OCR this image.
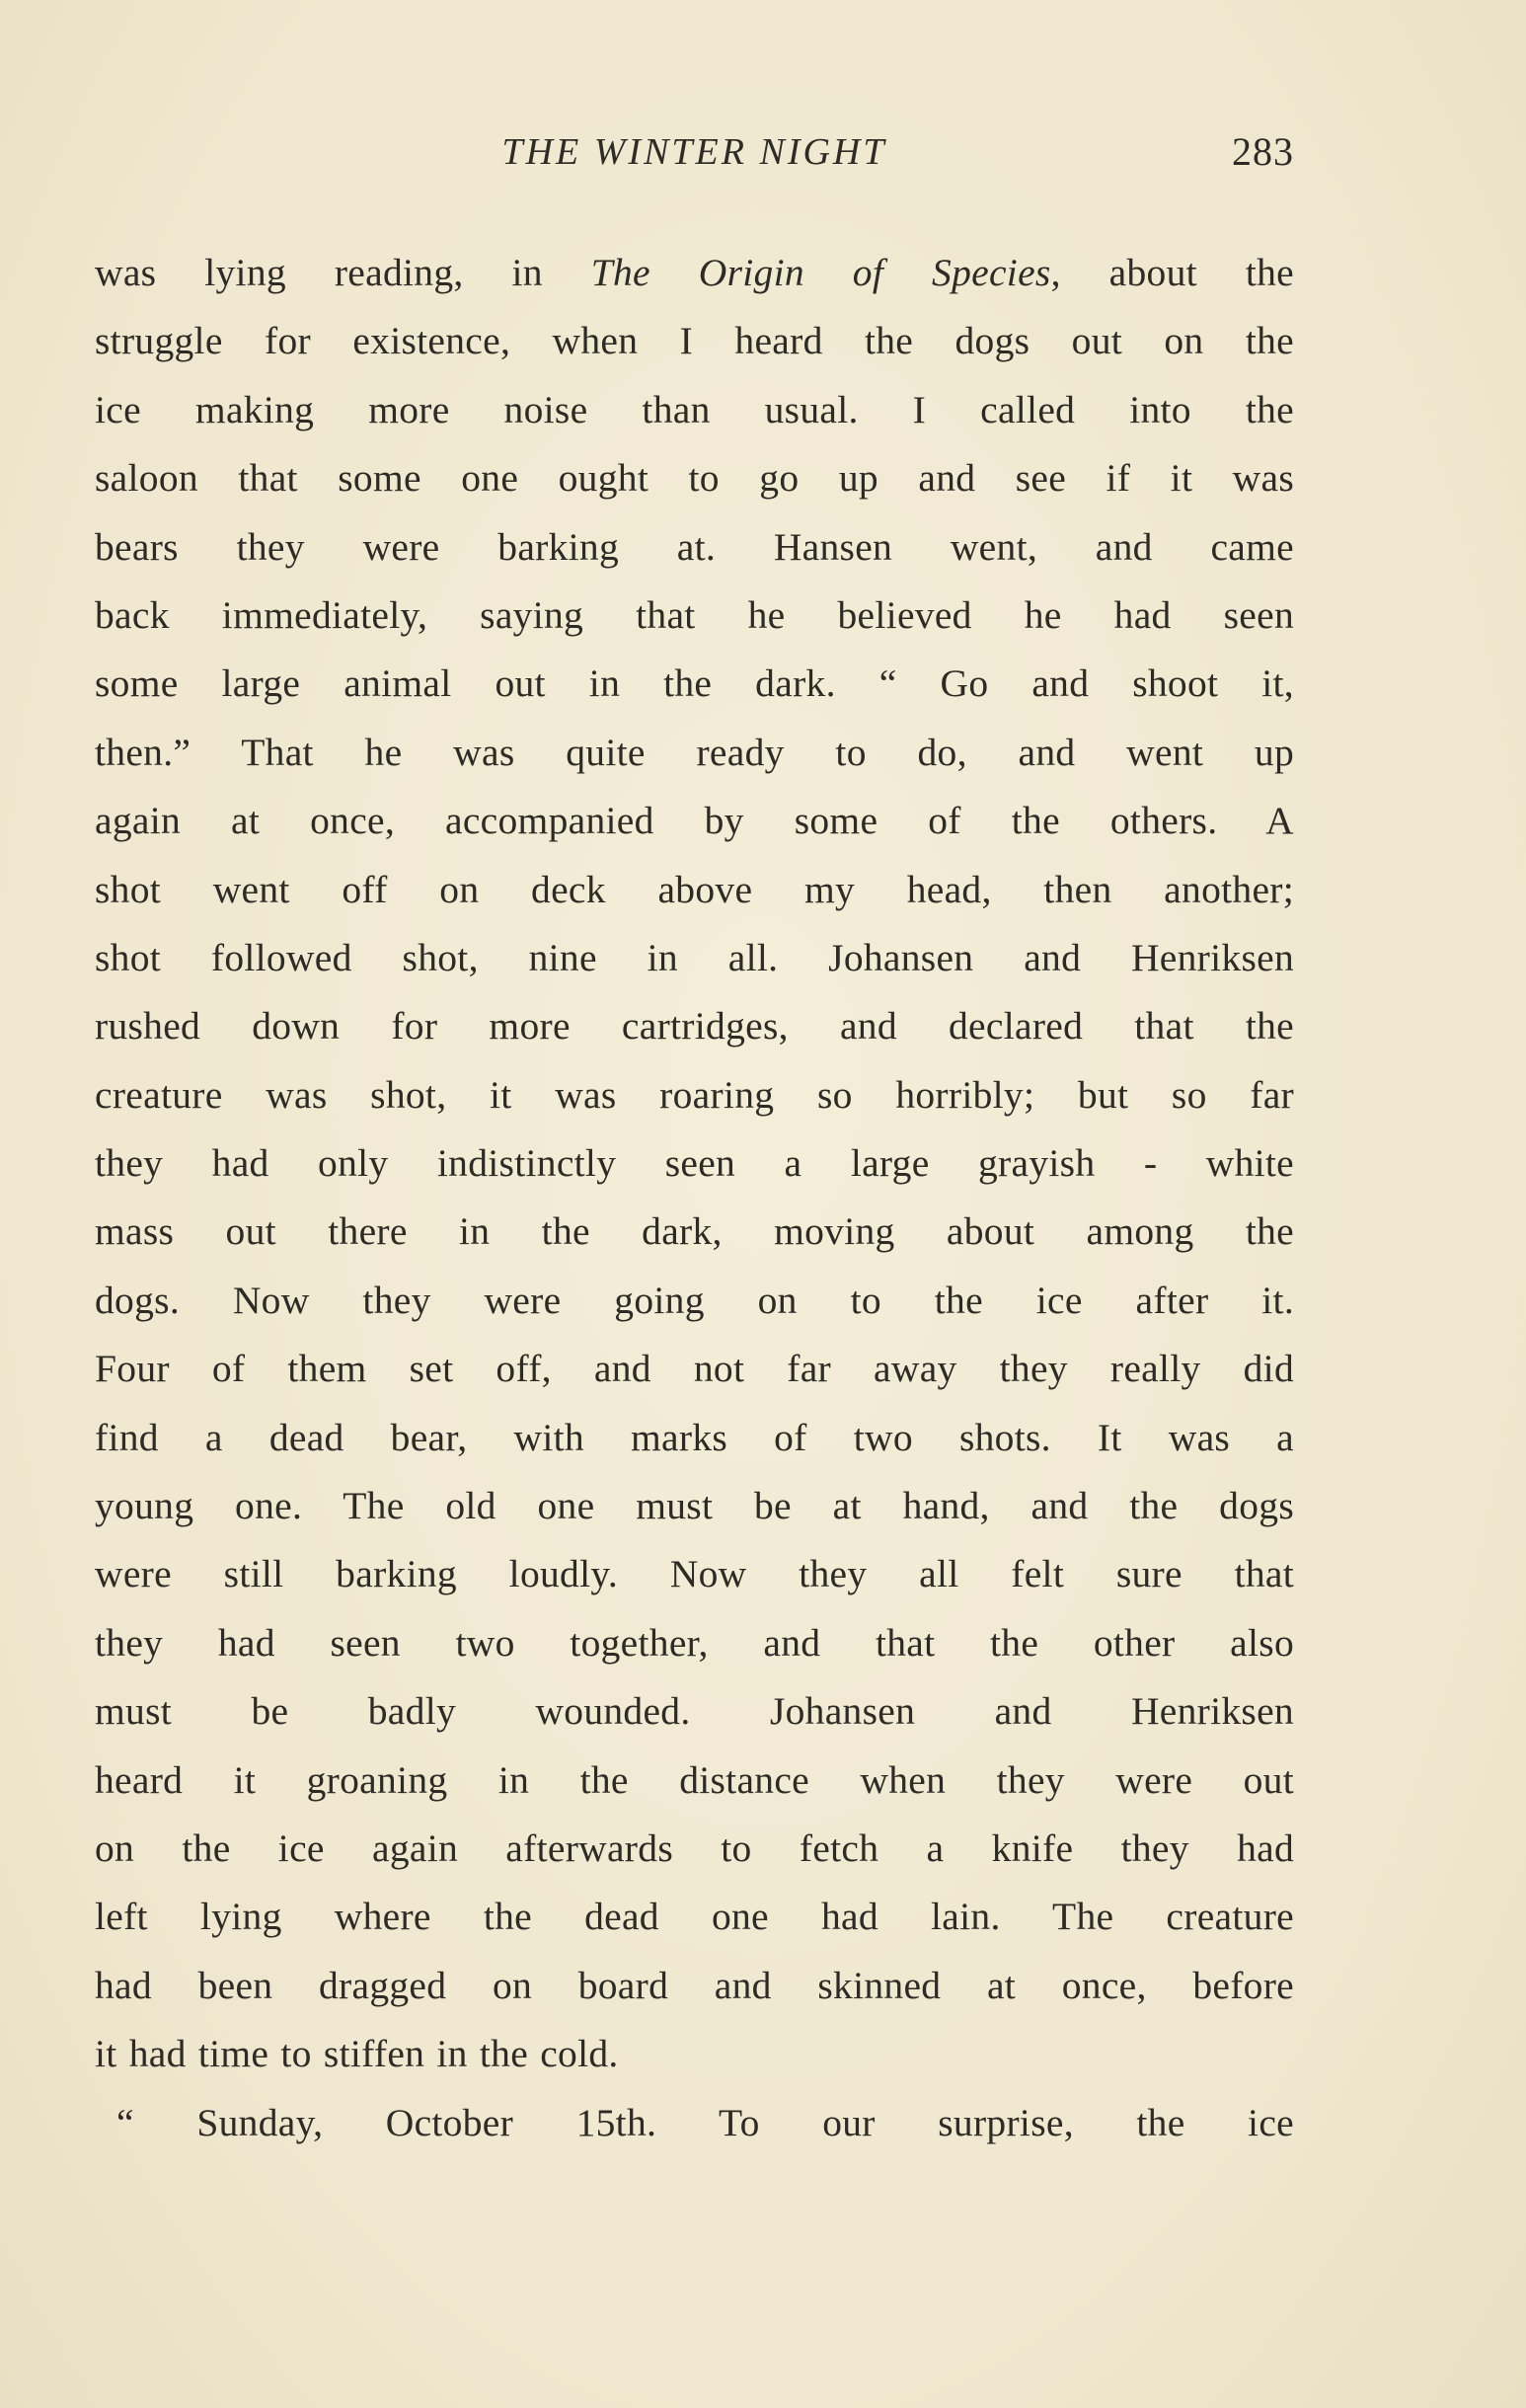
THE WINTER NIGHT	283
was lying reading, in The Origin of Species, about the
struggle for existence, when I heard the dogs out on the
ice making more noise than usual. I called into the
saloon that some one ought to go up and see if it was
bears they were barking at. Hansen went, and came
back immediately, saying that he believed he had seen
some large animal out in the dark. “ Go and shoot it,
then.” That he was quite ready to do, and went up
again at once, accompanied by some of the others. A
shot went off on deck above my head, then another;
shot followed shot, nine in all. Johansen and Henriksen
rushed down for more cartridges, and declared that the
creature was shot, it was roaring so horribly; but so far
they had only indistinctly seen a large grayish - white
mass out there in the dark, moving about among the
dogs. Now they were going on to the ice after it.
Four of them set off, and not far away they really did
find a dead bear, with marks of two shots. It was a
young one. The old one must be at hand, and the dogs
were still barking loudly. Now they all felt sure that
they had seen two together, and that the other also
must be badly wounded. Johansen and Henriksen
heard it groaning in the distance when they were out
on the ice again afterwards to fetch a knife they had
left lying where the dead one had lain. The creature
had been dragged on board and skinned at once, before
it had time to stiffen in the cold.
“ Sunday, October 15th. To our surprise, the ice
